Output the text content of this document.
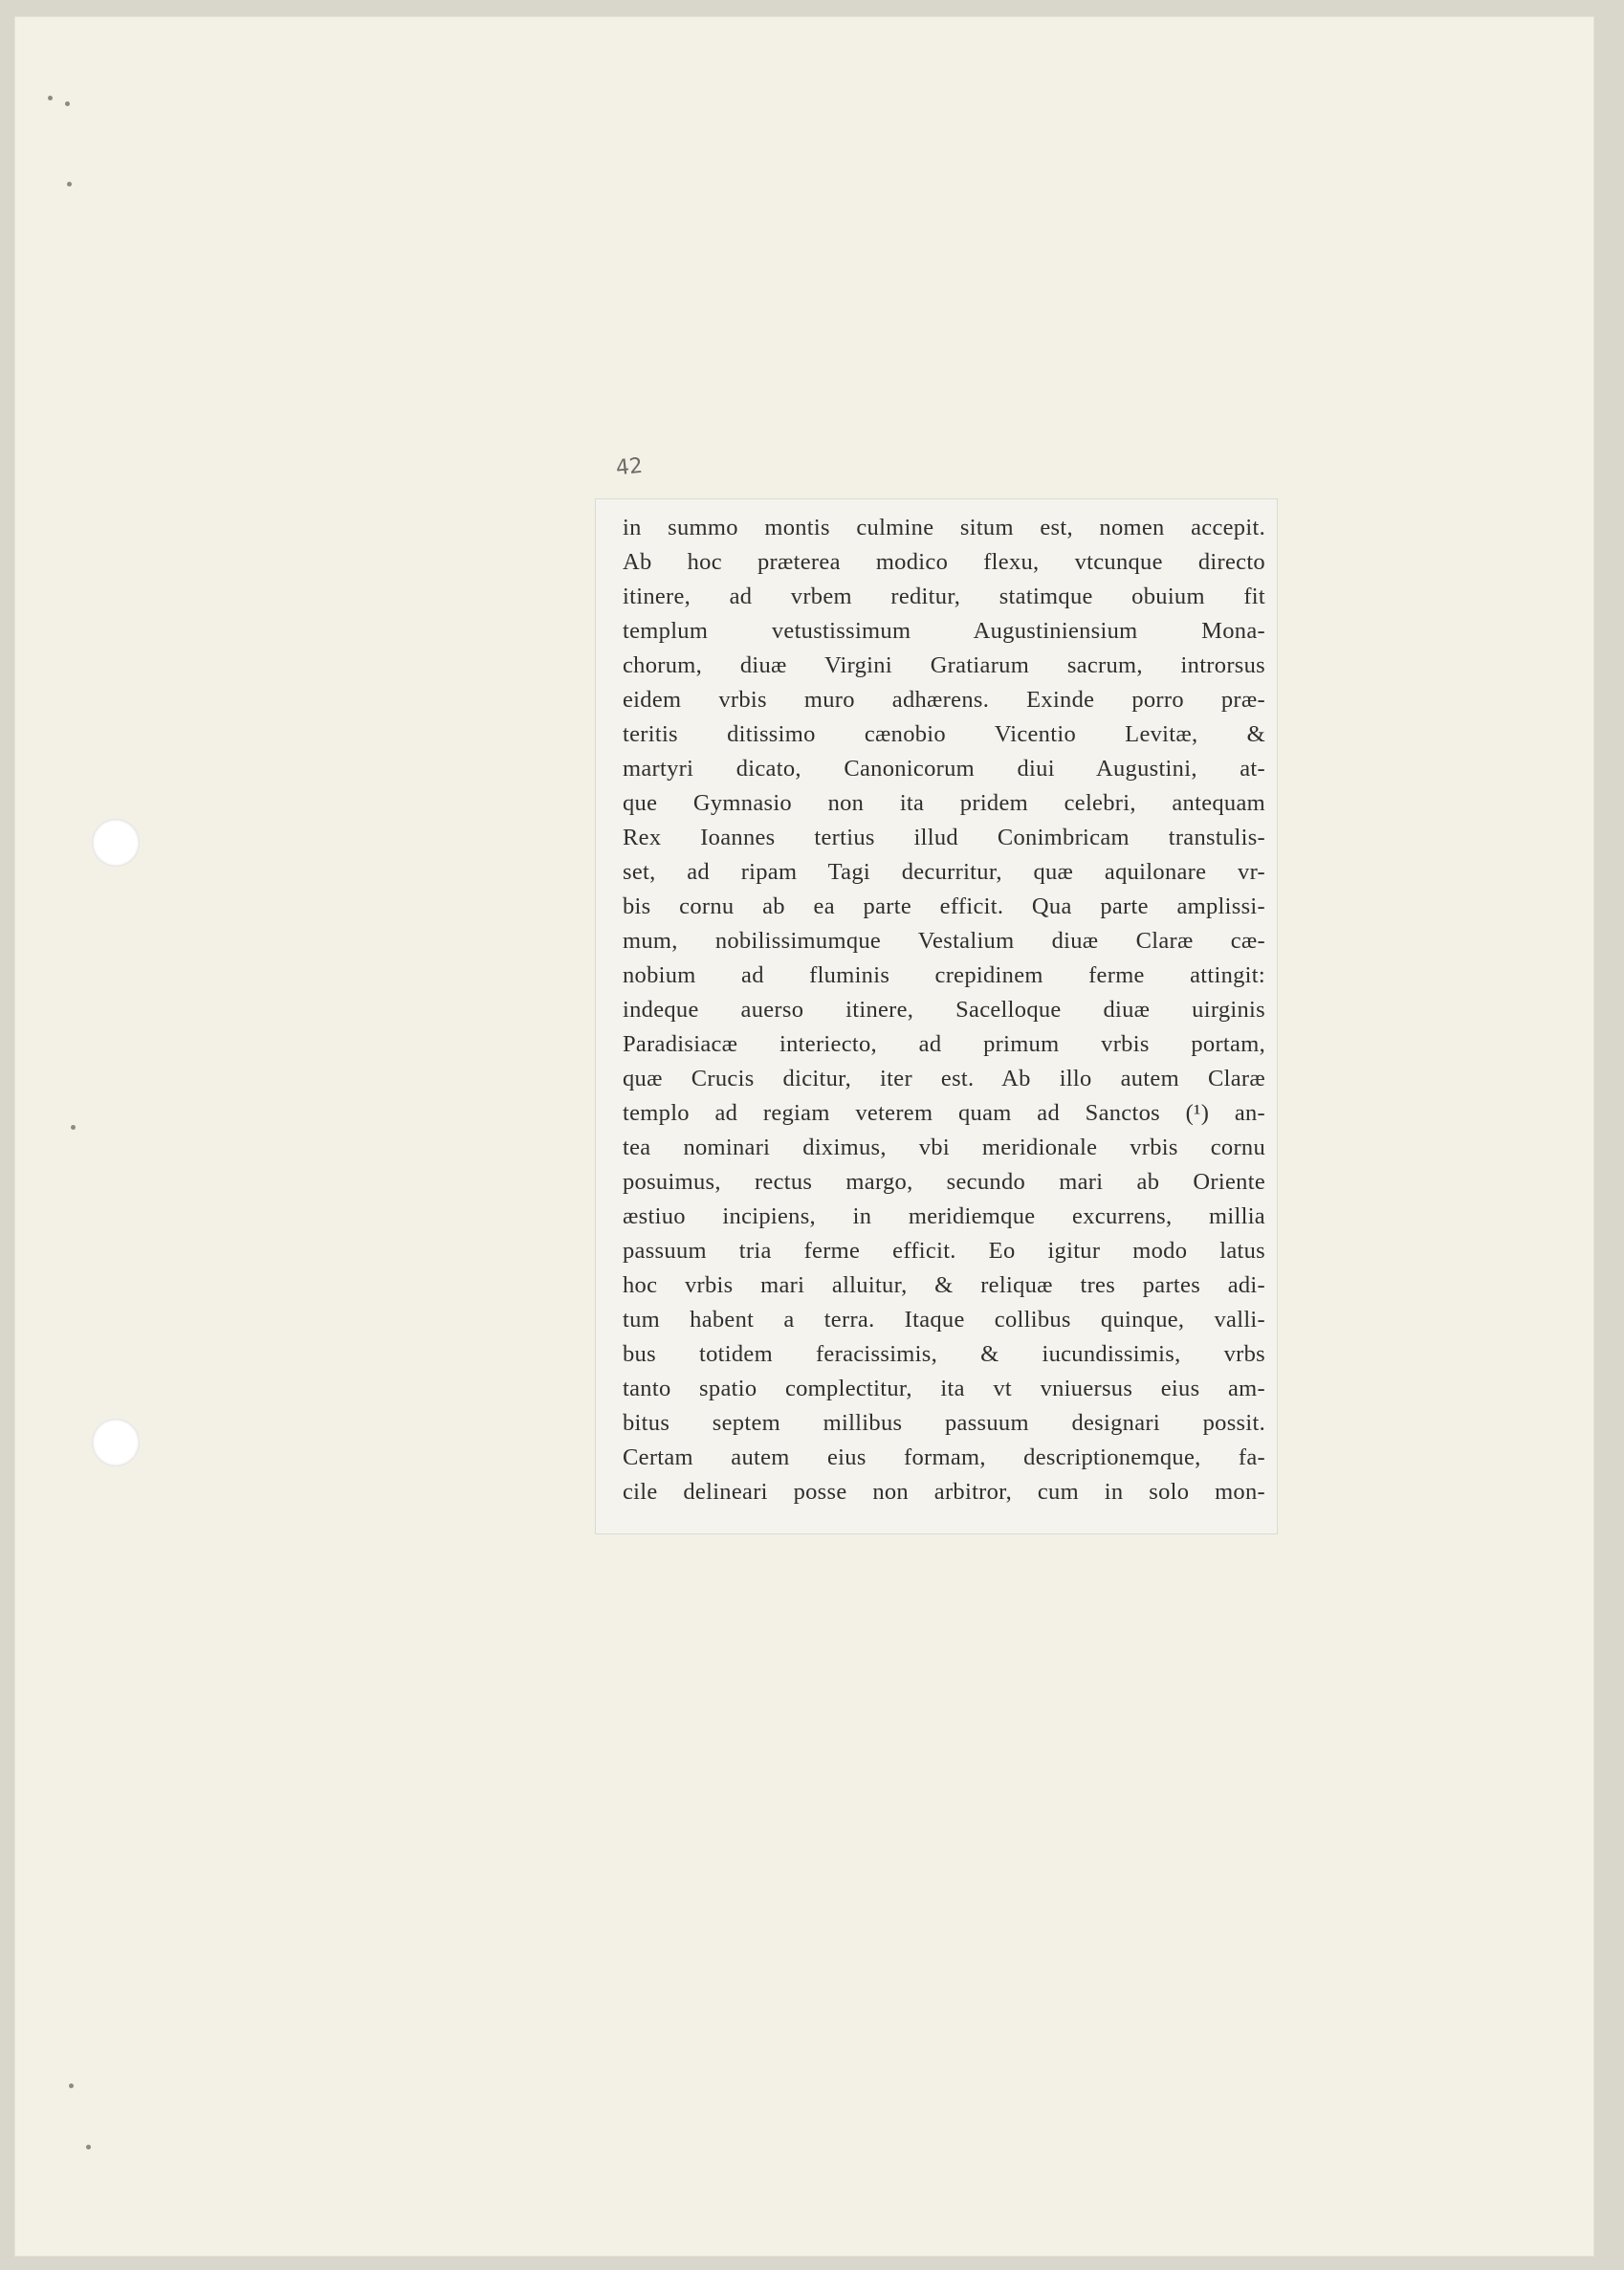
42
in summo montis culmine situm est, nomen accepit.
Ab hoc præterea modico flexu, vtcunque directo
itinere, ad vrbem reditur, statimque obuium fit
templum vetustissimum Augustiniensium Mona-
chorum, diuæ Virgini Gratiarum sacrum, introrsus
eidem vrbis muro adhærens. Exinde porro præ-
teritis ditissimo cænobio Vicentio Levitæ, &
martyri dicato, Canonicorum diui Augustini, at-
que Gymnasio non ita pridem celebri, antequam
Rex Ioannes tertius illud Conimbricam transtulis-
set, ad ripam Tagi decurritur, quæ aquilonare vr-
bis cornu ab ea parte efficit. Qua parte amplissi-
mum, nobilissimumque Vestalium diuæ Claræ cæ-
nobium ad fluminis crepidinem ferme attingit:
indeque auerso itinere, Sacelloque diuæ uirginis
Paradisiacæ interiecto, ad primum vrbis portam,
quæ Crucis dicitur, iter est. Ab illo autem Claræ
templo ad regiam veterem quam ad Sanctos (¹) an-
tea nominari diximus, vbi meridionale vrbis cornu
posuimus, rectus margo, secundo mari ab Oriente
æstiuo incipiens, in meridiemque excurrens, millia
passuum tria ferme efficit. Eo igitur modo latus
hoc vrbis mari alluitur, & reliquæ tres partes adi-
tum habent a terra. Itaque collibus quinque, valli-
bus totidem feracissimis, & iucundissimis, vrbs
tanto spatio complectitur, ita vt vniuersus eius am-
bitus septem millibus passuum designari possit.
Certam autem eius formam, descriptionemque, fa-
cile delineari posse non arbitror, cum in solo mon-
